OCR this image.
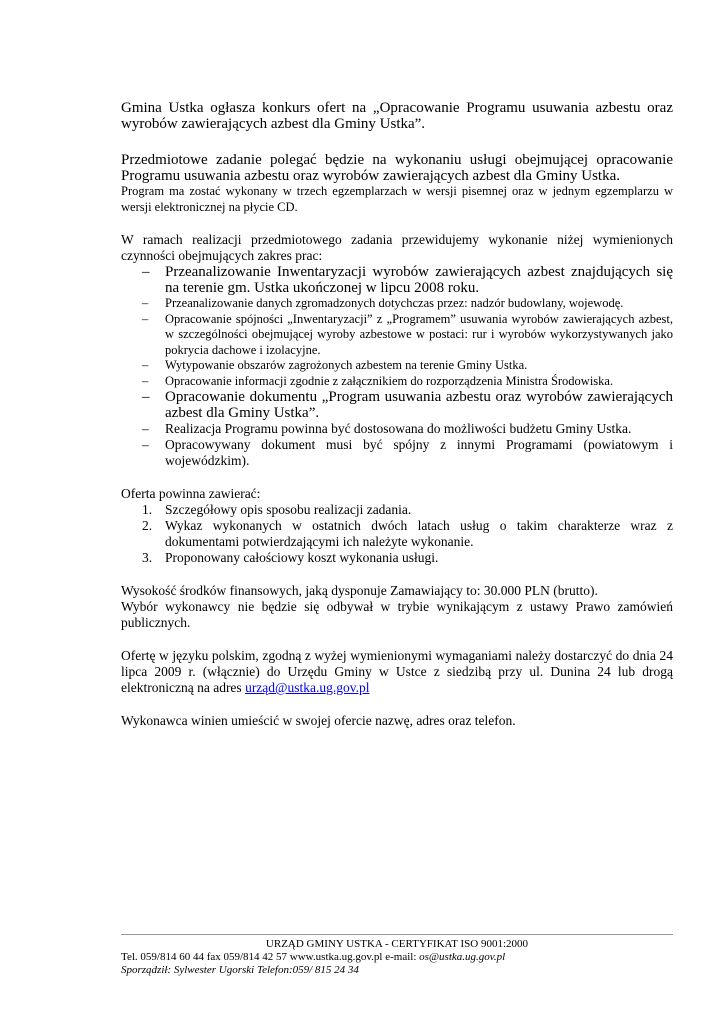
Gmina Ustka ogłasza konkurs ofert na „Opracowanie Programu usuwania azbestu oraz wyrobów zawierających azbest dla Gminy Ustka”.

Przedmiotowe zadanie polegać będzie na wykonaniu usługi obejmującej opracowanie Programu usuwania azbestu oraz wyrobów zawierających azbest dla Gminy Ustka.

Program ma zostać wykonany w trzech egzemplarzach w wersji pisemnej oraz w jednym egzemplarzu w wersji elektronicznej na płycie CD.

W ramach realizacji przedmiotowego zadania przewidujemy wykonanie niżej wymienionych czynności obejmujących zakres prac:

– Przeanalizowanie Inwentaryzacji wyrobów zawierających azbest znajdujących się na terenie gm. Ustka ukończonej w lipcu 2008 roku.
– Przeanalizowanie danych zgromadzonych dotychczas przez: nadzór budowlany, wojewodę.
– Opracowanie spójności „Inwentaryzacji” z „Programem” usuwania wyrobów zawierających azbest, w szczególności obejmującej wyroby azbestowe w postaci: rur i wyrobów wykorzystywanych jako pokrycia dachowe i izolacyjne.
– Wytypowanie obszarów zagrożonych azbestem na terenie Gminy Ustka.
– Opracowanie informacji zgodnie z załącznikiem do rozporządzenia Ministra Środowiska.
– Opracowanie dokumentu „Program usuwania azbestu oraz wyrobów zawierających azbest dla Gminy Ustka”.
– Realizacja Programu powinna być dostosowana do możliwości budżetu Gminy Ustka.
– Opracowywany dokument musi być spójny z innymi Programami (powiatowym i wojewódzkim).

Oferta powinna zawierać:

1. Szczegółowy opis sposobu realizacji zadania.
2. Wykaz wykonanych w ostatnich dwóch latach usług o takim charakterze wraz z dokumentami potwierdzającymi ich należyte wykonanie.
3. Proponowany całościowy koszt wykonania usługi.

Wysokość środków finansowych, jaką dysponuje Zamawiający to: 30.000 PLN (brutto).

Wybór wykonawcy nie będzie się odbywał w trybie wynikającym z ustawy Prawo zamówień publicznych.

Ofertę w języku polskim, zgodną z wyżej wymienionymi wymaganiami należy dostarczyć do dnia 24 lipca 2009 r. (włącznie) do Urzędu Gminy w Ustce z siedzibą przy ul. Dunina 24 lub drogą elektroniczną na adres urząd@ustka.ug.gov.pl

Wykonawca winien umieścić w swojej ofercie nazwę, adres oraz telefon.

URZĄD GMINY USTKA - CERTYFIKAT ISO 9001:2000
Tel. 059/814 60 44 fax 059/814 42 57 www.ustka.ug.gov.pl e-mail: os@ustka.ug.gov.pl
Sporządził: Sylwester Ugorski Telefon:059/ 815 24 34
